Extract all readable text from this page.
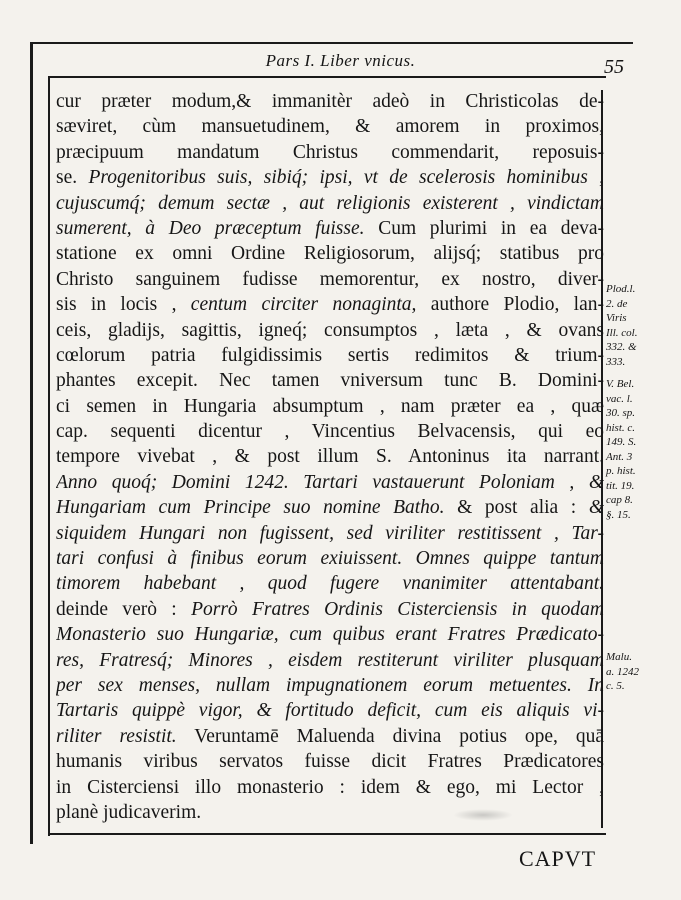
Pars I. Liber vnicus.	55
cur præter modum,& immanitèr adeò in Christicolas de-
sæviret, cùm mansuetudinem, & amorem in proximos,
præcipuum mandatum Christus commendarit, reposuis-
se. Progenitoribus suis, sibiq́; ipsi, vt de scelerosis hominibus ,
cujuscumq́; demum sectæ , aut religionis existerent , vindictam
sumerent, à Deo præceptum fuisse. Cum plurimi in ea deva-
statione ex omni Ordine Religiosorum, alijsq́; statibus pro
Christo sanguinem fudisse memorentur, ex nostro, diver-
sis in locis , centum circiter nonaginta, authore Plodio, lan-
ceis, gladijs, sagittis, igneq́; consumptos , læta , & ovans
cœlorum patria fulgidissimis sertis redimitos & trium-
phantes excepit. Nec tamen vniversum tunc B. Domini-
ci semen in Hungaria absumptum , nam præter ea , quæ
cap. sequenti dicentur , Vincentius Belvacensis, qui eo
tempore vivebat , & post illum S. Antoninus ita narrant.
Anno quoq́; Domini 1242. Tartari vastauerunt Poloniam , &
Hungariam cum Principe suo nomine Batho. & post alia : &
siquidem Hungari non fugissent, sed viriliter restitissent , Tar-
tari confusi à finibus eorum exiuissent. Omnes quippe tantum
timorem habebant , quod fugere vnanimiter attentabant.
deinde verò : Porrò Fratres Ordinis Cisterciensis in quodam
Monasterio suo Hungariæ, cum quibus erant Fratres Prædicato-
res, Fratresq́; Minores , eisdem restiterunt viriliter plusquam
per sex menses, nullam impugnationem eorum metuentes. In
Tartaris quippè vigor, & fortitudo deficit, cum eis aliquis vi-
riliter resistit. Veruntamē Maluenda divina potius ope, quā
humanis viribus servatos fuisse dicit Fratres Prædicatores
in Cisterciensi illo monasterio : idem & ego, mi Lector ,
planè judicaverim.
Plod.l.
2. de
Viris
Ill. col.
332. &
333.
V. Bel.
vac. l.
30. sp.
hist. c.
149. S.
Ant. 3
p. hist.
tit. 19.
cap 8.
§. 15.
Malu.
a. 1242
c. 5.
CAPVT
